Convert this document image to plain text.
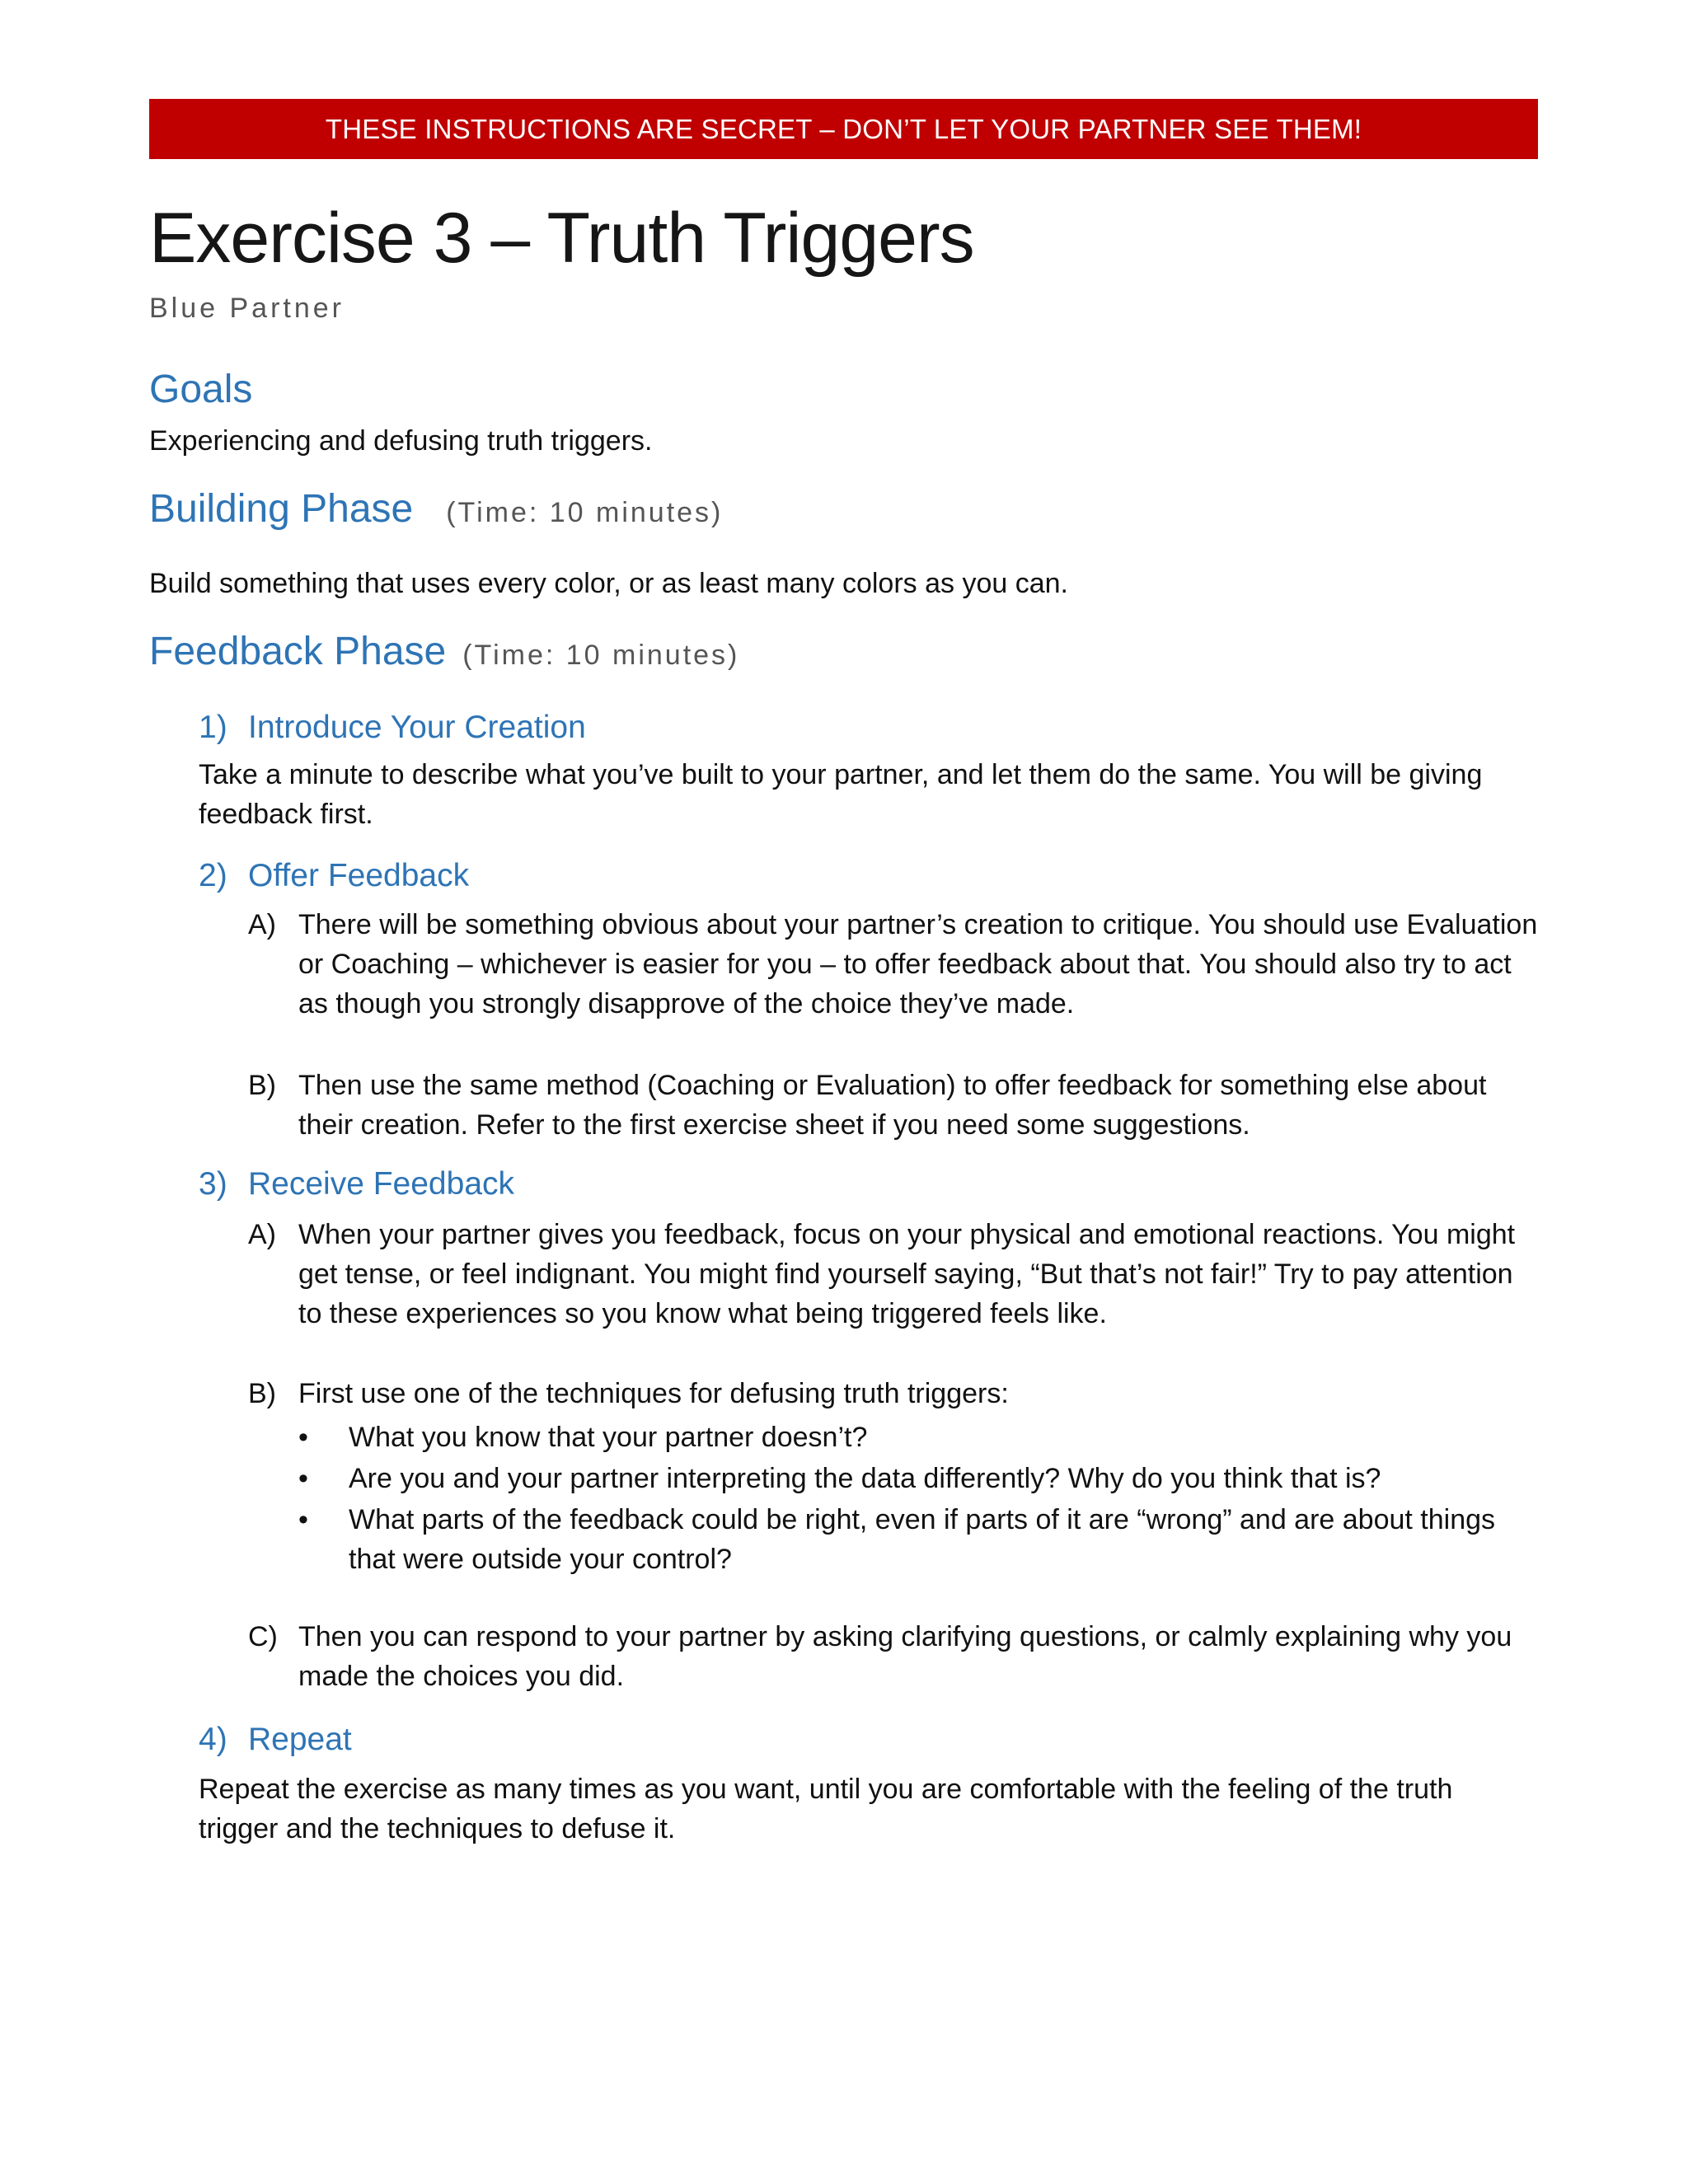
THESE INSTRUCTIONS ARE SECRET – DON’T LET YOUR PARTNER SEE THEM!
Exercise 3 – Truth Triggers
Blue Partner
Goals

Experiencing and defusing truth triggers.

Building Phase (Time: 10 minutes)

Build something that uses every color, or as least many colors as you can.

Feedback Phase (Time: 10 minutes)
1) Introduce Your Creation

Take a minute to describe what you’ve built to your partner, and let them do the same. You will be giving feedback first.

2) Offer Feedback
A) There will be something obvious about your partner’s creation to critique. You should use Evaluation or Coaching – whichever is easier for you – to offer feedback about that. You should also try to act as though you strongly disapprove of the choice they’ve made.
B) Then use the same method (Coaching or Evaluation) to offer feedback for something else about their creation. Refer to the first exercise sheet if you need some suggestions.
3) Receive Feedback
A) When your partner gives you feedback, focus on your physical and emotional reactions. You might get tense, or feel indignant. You might find yourself saying, “But that’s not fair!” Try to pay attention to these experiences so you know what being triggered feels like.
B) First use one of the techniques for defusing truth triggers:
• What you know that your partner doesn’t?
• Are you and your partner interpreting the data differently? Why do you think that is?
• What parts of the feedback could be right, even if parts of it are “wrong” and are about things that were outside your control?
C) Then you can respond to your partner by asking clarifying questions, or calmly explaining why you made the choices you did.
4) Repeat

Repeat the exercise as many times as you want, until you are comfortable with the feeling of the truth trigger and the techniques to defuse it.
